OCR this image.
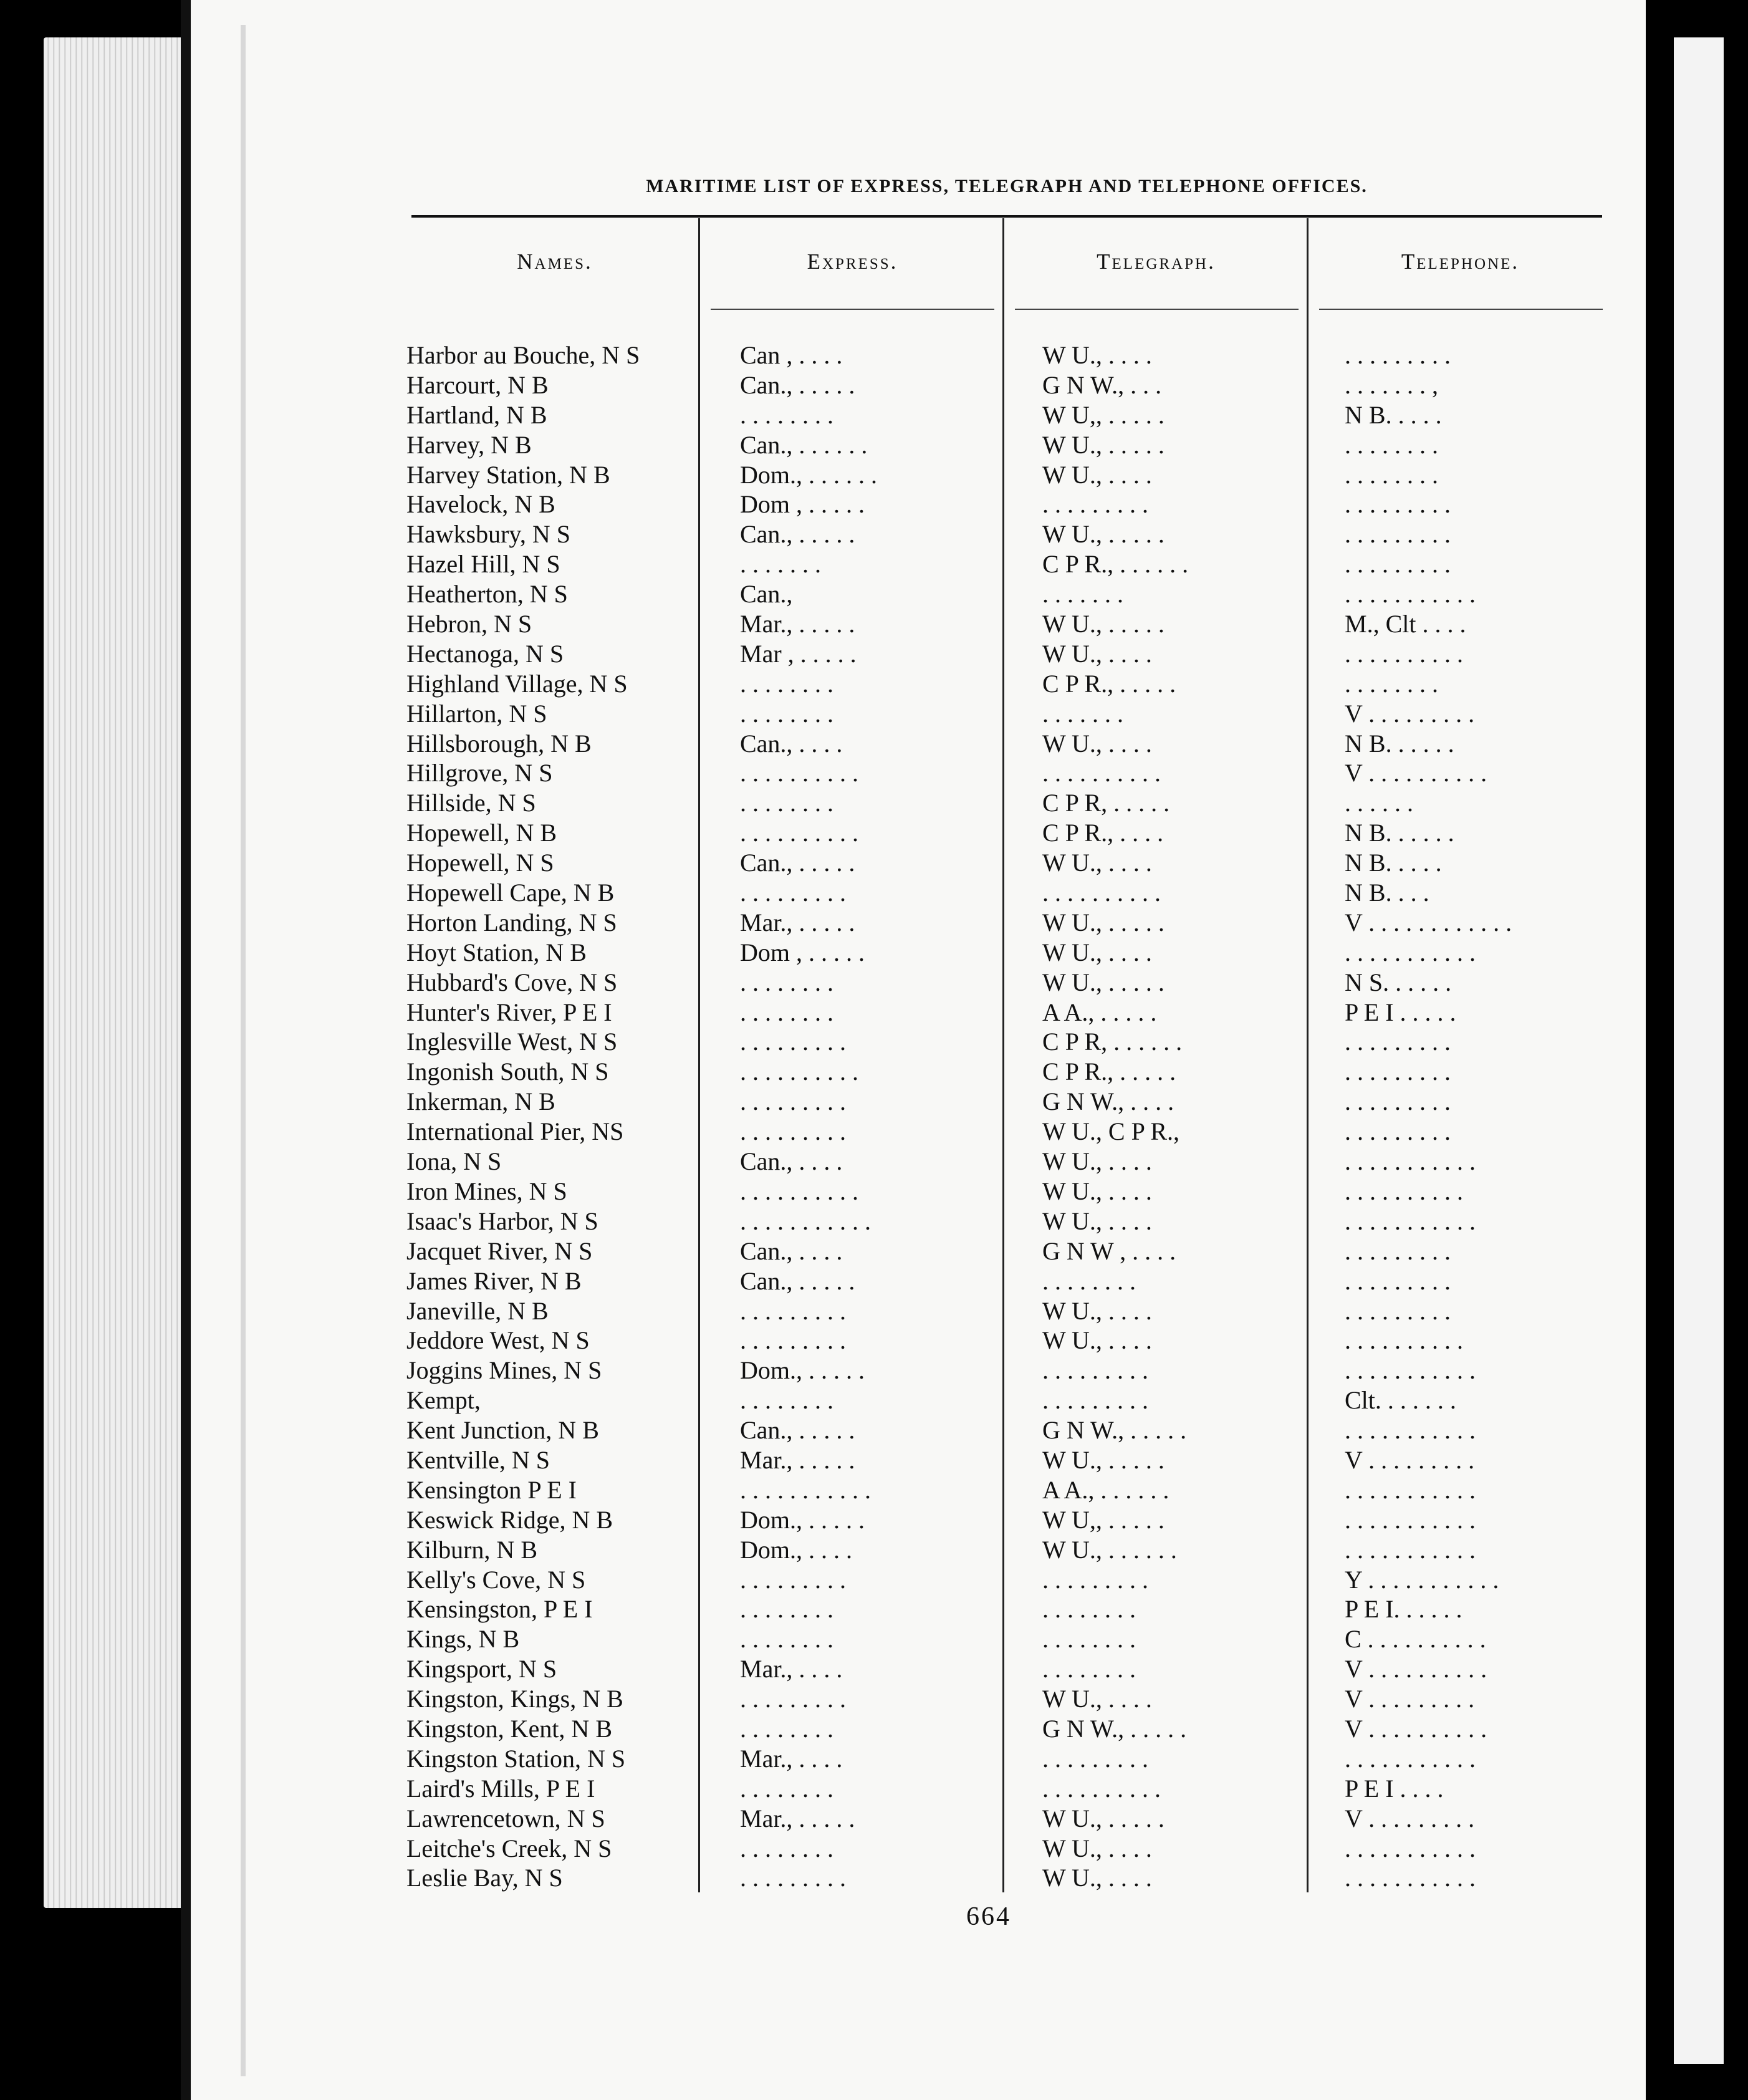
MARITIME LIST OF EXPRESS, TELEGRAPH AND TELEPHONE OFFICES.
Names.	Express.	Telegraph.	Telephone.
Harbor au Bouche, N S	Can , . . . .	W U., . . . .	. . . . . . . . .
Harcourt, N B	Can., . . . . .	G N W., . . .	. . . . . . . ,
Hartland, N B	. . . . . . . .	W U,, . . . . .	N B. . . . .
Harvey, N B	Can., . . . . . .	W U., . . . . .	. . . . . . . .
Harvey Station, N B	Dom., . . . . . .	W U., . . . .	. . . . . . . .
Havelock, N B	Dom , . . . . .	. . . . . . . . .	. . . . . . . . .
Hawksbury, N S	Can., . . . . .	W U., . . . . .	. . . . . . . . .
Hazel Hill, N S	. . . . . . .	C P R., . . . . . .	. . . . . . . . .
Heatherton, N S	Can.,	. . . . . . .	. . . . . . . . . . .
Hebron, N S	Mar., . . . . .	W U., . . . . .	M., Clt . . . .
Hectanoga, N S	Mar , . . . . .	W U., . . . .	. . . . . . . . . .
Highland Village, N S	. . . . . . . .	C P R., . . . . .	. . . . . . . .
Hillarton, N S	. . . . . . . .	. . . . . . .	V . . . . . . . . .
Hillsborough, N B	Can., . . . .	W U., . . . .	N B. . . . . .
Hillgrove, N S	. . . . . . . . . .	. . . . . . . . . .	V . . . . . . . . . .
Hillside, N S	. . . . . . . .	C P R, . . . . .	. . . . . .
Hopewell, N B	. . . . . . . . . .	C P R., . . . .	N B. . . . . .
Hopewell, N S	Can., . . . . .	W U., . . . .	N B. . . . .
Hopewell Cape, N B	. . . . . . . . .	. . . . . . . . . .	N B. . . .
Horton Landing, N S	Mar., . . . . .	W U., . . . . .	V . . . . . . . . . . . .
Hoyt Station, N B	Dom , . . . . .	W U., . . . .	. . . . . . . . . . .
Hubbard's Cove, N S	. . . . . . . .	W U., . . . . .	N S. . . . . .
Hunter's River, P E I	. . . . . . . .	A A., . . . . .	P E I . . . . .
Inglesville West, N S	. . . . . . . . .	C P R, . . . . . .	. . . . . . . . .
Ingonish South, N S	. . . . . . . . . .	C P R., . . . . .	. . . . . . . . .
Inkerman, N B	. . . . . . . . .	G N W., . . . .	. . . . . . . . .
International Pier, NS	. . . . . . . . .	W U., C P R.,	. . . . . . . . .
Iona, N S	Can., . . . .	W U., . . . .	. . . . . . . . . . .
Iron Mines, N S	. . . . . . . . . .	W U., . . . .	. . . . . . . . . .
Isaac's Harbor, N S	. . . . . . . . . . .	W U., . . . .	. . . . . . . . . . .
Jacquet River, N S	Can., . . . .	G N W , . . . .	. . . . . . . . .
James River, N B	Can., . . . . .	. . . . . . . .	. . . . . . . . .
Janeville, N B	. . . . . . . . .	W U., . . . .	. . . . . . . . .
Jeddore West, N S	. . . . . . . . .	W U., . . . .	. . . . . . . . . .
Joggins Mines, N S	Dom., . . . . .	. . . . . . . . .	. . . . . . . . . . .
Kempt,	. . . . . . . .	. . . . . . . . .	Clt. . . . . . .
Kent Junction, N B	Can., . . . . .	G N W., . . . . .	. . . . . . . . . . .
Kentville, N S	Mar., . . . . .	W U., . . . . .	V . . . . . . . . .
Kensington P E I	. . . . . . . . . . .	A A., . . . . . .	. . . . . . . . . . .
Keswick Ridge, N B	Dom., . . . . .	W U,, . . . . .	. . . . . . . . . . .
Kilburn, N B	Dom., . . . .	W U., . . . . . .	. . . . . . . . . . .
Kelly's Cove, N S	. . . . . . . . .	. . . . . . . . .	Y . . . . . . . . . . .
Kensingston, P E I	. . . . . . . .	. . . . . . . .	P E I. . . . . .
Kings, N B	. . . . . . . .	. . . . . . . .	C . . . . . . . . . .
Kingsport, N S	Mar., . . . .	. . . . . . . .	V . . . . . . . . . .
Kingston, Kings, N B	. . . . . . . . .	W U., . . . .	V . . . . . . . . .
Kingston, Kent, N B	. . . . . . . .	G N W., . . . . .	V . . . . . . . . . .
Kingston Station, N S	Mar., . . . .	. . . . . . . . .	. . . . . . . . . . .
Laird's Mills, P E I	. . . . . . . .	. . . . . . . . . .	P E I . . . .
Lawrencetown, N S	Mar., . . . . .	W U., . . . . .	V . . . . . . . . .
Leitche's Creek, N S	. . . . . . . .	W U., . . . .	. . . . . . . . . . .
Leslie Bay, N S	. . . . . . . . .	W U., . . . .	. . . . . . . . . . .
664
